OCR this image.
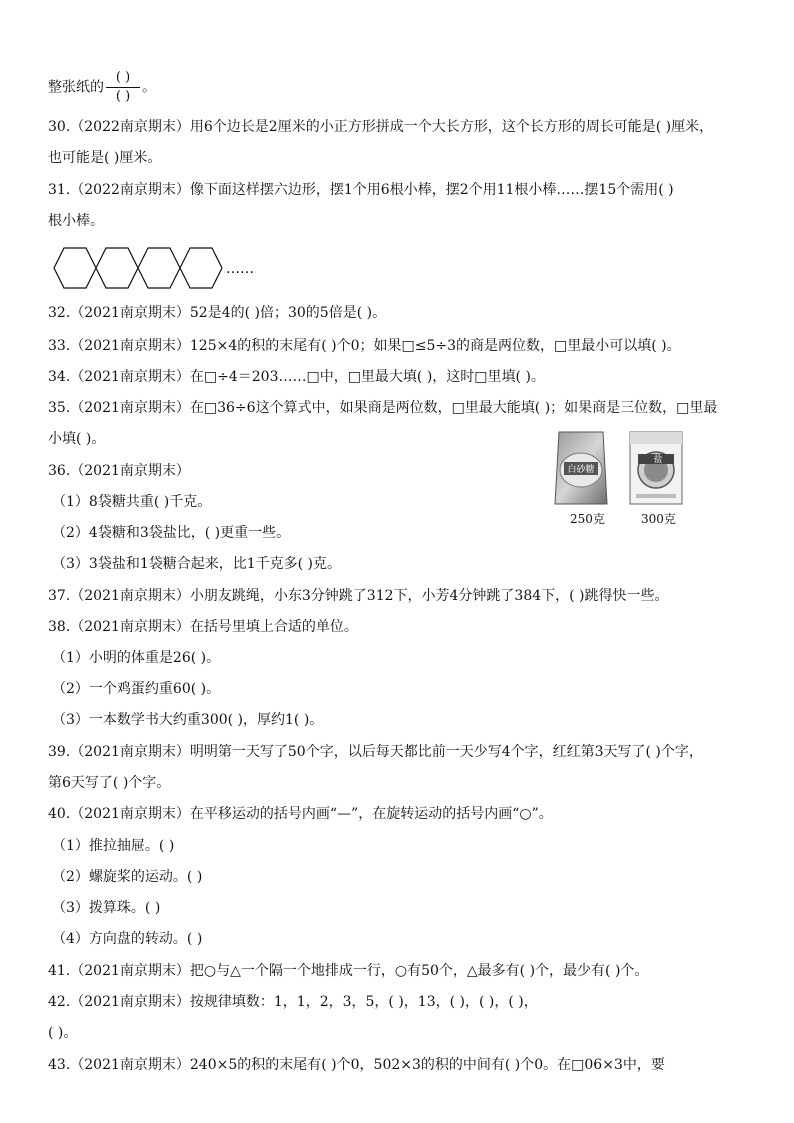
整张纸的 $\frac{( )}{( )}$ 。
30.（2022南京期末）用6个边长是2厘米的小正方形拼成一个大长方形，这个长方形的周长可能是( )厘米，
也可能是( )厘米。
31.（2022南京期末）像下面这样摆六边形，摆1个用6根小棒，摆2个用11根小棒……摆15个需用( )
根小棒。
……
32.（2021南京期末）52是4的( )倍；30的5倍是( )。
33.（2021南京期末）125×4的积的末尾有( )个0；如果□≤5÷3的商是两位数，□里最小可以填( )。
34.（2021南京期末）在□÷4＝203……□中，□里最大填( )，这时□里填( )。
35.（2021南京期末）在□36÷6这个算式中，如果商是两位数，□里最大能填( )；如果商是三位数，□里最
小填( )。
36.（2021南京期末）
（1）8袋糖共重( )千克。
（2）4袋糖和3袋盐比，( )更重一些。
（3）3袋盐和1袋糖合起来，比1千克多( )克。
白砂糖
250克
盐
300克
37.（2021南京期末）小朋友跳绳，小东3分钟跳了312下，小芳4分钟跳了384下，( )跳得快一些。
38.（2021南京期末）在括号里填上合适的单位。
（1）小明的体重是26( )。
（2）一个鸡蛋约重60( )。
（3）一本数学书大约重300( )，厚约1( )。
39.（2021南京期末）明明第一天写了50个字，以后每天都比前一天少写4个字，红红第3天写了( )个字，
第6天写了( )个字。
40.（2021南京期末）在平移运动的括号内画“—”，在旋转运动的括号内画“○”。
（1）推拉抽屉。( )
（2）螺旋桨的运动。( )
（3）拨算珠。( )
（4）方向盘的转动。( )
41.（2021南京期末）把○与△一个隔一个地排成一行，○有50个，△最多有( )个，最少有( )个。
42.（2021南京期末）按规律填数：1，1，2，3，5，( )，13，( )，( )，( )，
( )。
43.（2021南京期末）240×5的积的末尾有( )个0，502×3的积的中间有( )个0。在□06×3中，要
